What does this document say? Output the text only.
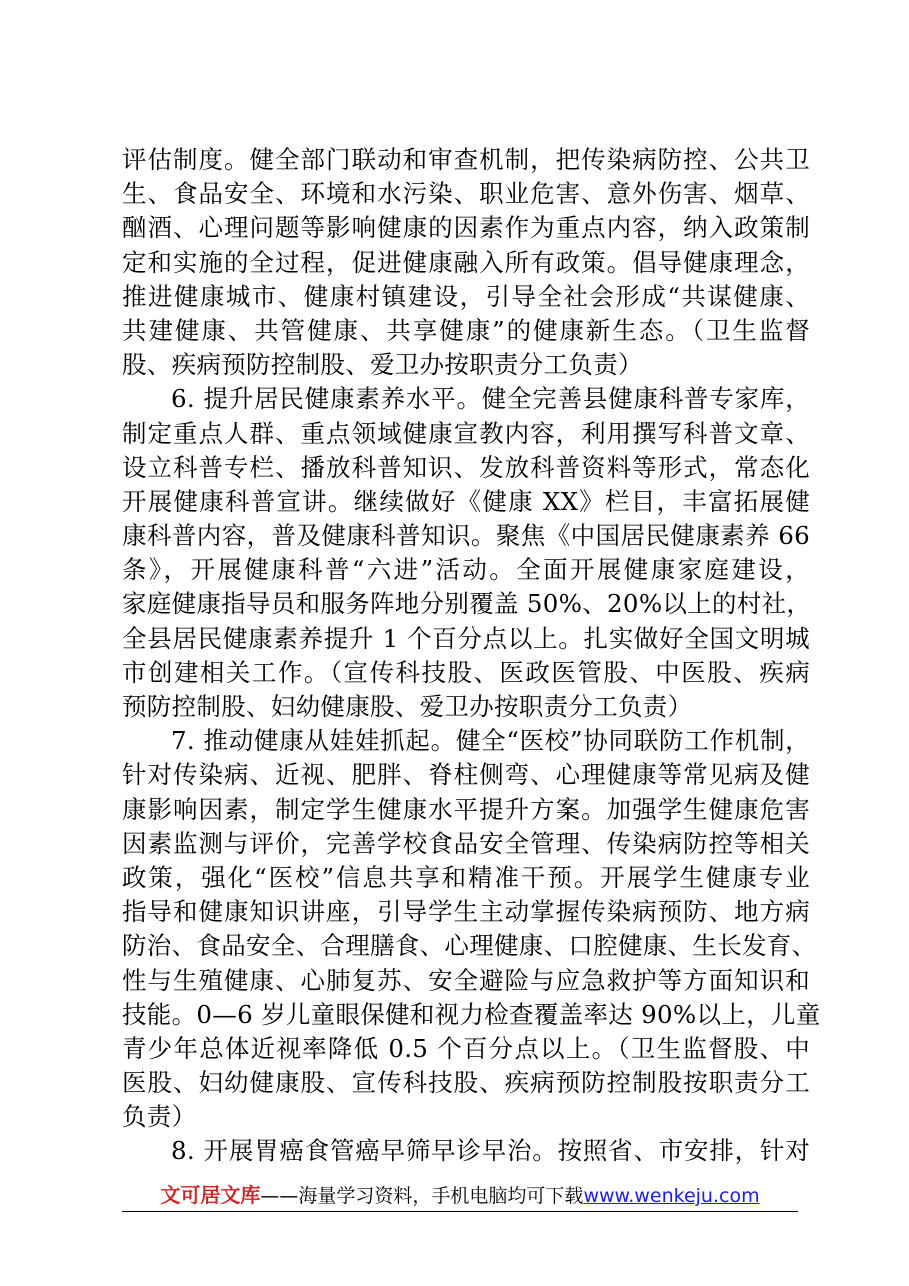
评估制度。健全部门联动和审查机制，把传染病防控、公共卫
生、食品安全、环境和水污染、职业危害、意外伤害、烟草、
酗酒、心理问题等影响健康的因素作为重点内容，纳入政策制
定和实施的全过程，促进健康融入所有政策。倡导健康理念，
推进健康城市、健康村镇建设，引导全社会形成“共谋健康、
共建健康、共管健康、共享健康”的健康新生态。（卫生监督
股、疾病预防控制股、爱卫办按职责分工负责）
6. 提升居民健康素养水平。健全完善县健康科普专家库，
制定重点人群、重点领域健康宣教内容，利用撰写科普文章、
设立科普专栏、播放科普知识、发放科普资料等形式，常态化
开展健康科普宣讲。继续做好《健康 XX》栏目，丰富拓展健
康科普内容，普及健康科普知识。聚焦《中国居民健康素养 66
条》，开展健康科普“六进”活动。全面开展健康家庭建设，
家庭健康指导员和服务阵地分别覆盖 50%、20%以上的村社，
全县居民健康素养提升 1 个百分点以上。扎实做好全国文明城
市创建相关工作。（宣传科技股、医政医管股、中医股、疾病
预防控制股、妇幼健康股、爱卫办按职责分工负责）
7. 推动健康从娃娃抓起。健全“医校”协同联防工作机制，
针对传染病、近视、肥胖、脊柱侧弯、心理健康等常见病及健
康影响因素，制定学生健康水平提升方案。加强学生健康危害
因素监测与评价，完善学校食品安全管理、传染病防控等相关
政策，强化“医校”信息共享和精准干预。开展学生健康专业
指导和健康知识讲座，引导学生主动掌握传染病预防、地方病
防治、食品安全、合理膳食、心理健康、口腔健康、生长发育、
性与生殖健康、心肺复苏、安全避险与应急救护等方面知识和
技能。0—6 岁儿童眼保健和视力检查覆盖率达 90%以上，儿童
青少年总体近视率降低 0.5 个百分点以上。（卫生监督股、中
医股、妇幼健康股、宣传科技股、疾病预防控制股按职责分工
负责）
8. 开展胃癌食管癌早筛早诊早治。按照省、市安排，针对
文可居文库——海量学习资料，手机电脑均可下载www.wenkeju.com
